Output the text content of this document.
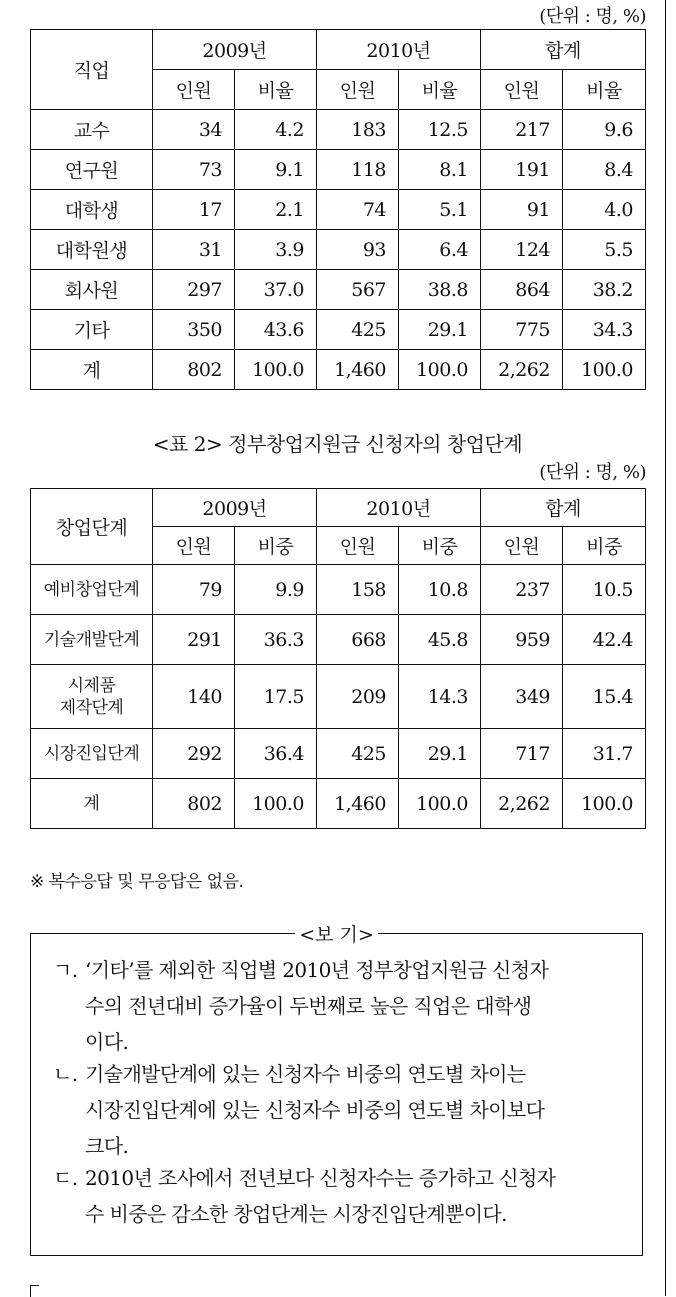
(단위 : 명, %)
직업	2009년		2010년		합계	
	인원	비율	인원	비율	인원	비율
교수	34	4.2	183	12.5	217	9.6
연구원	73	9.1	118	8.1	191	8.4
대학생	17	2.1	74	5.1	91	4.0
대학원생	31	3.9	93	6.4	124	5.5
회사원	297	37.0	567	38.8	864	38.2
기타	350	43.6	425	29.1	775	34.3
계	802	100.0	1,460	100.0	2,262	100.0
<표 2> 정부창업지원금 신청자의 창업단계
(단위 : 명, %)
창업단계	2009년		2010년		합계	
	인원	비중	인원	비중	인원	비중
예비창업단계	79	9.9	158	10.8	237	10.5
기술개발단계	291	36.3	668	45.8	959	42.4
시제품
제작단계	140	17.5	209	14.3	349	15.4
시장진입단계	292	36.4	425	29.1	717	31.7
계	802	100.0	1,460	100.0	2,262	100.0
※ 복수응답 및 무응답은 없음.
<보 기>
ㄱ. ‘기타’를 제외한 직업별 2010년 정부창업지원금 신청자
수의 전년대비 증가율이 두번째로 높은 직업은 대학생
이다.
ㄴ. 기술개발단계에 있는 신청자수 비중의 연도별 차이는
시장진입단계에 있는 신청자수 비중의 연도별 차이보다
크다.
ㄷ. 2010년 조사에서 전년보다 신청자수는 증가하고 신청자
수 비중은 감소한 창업단계는 시장진입단계뿐이다.
